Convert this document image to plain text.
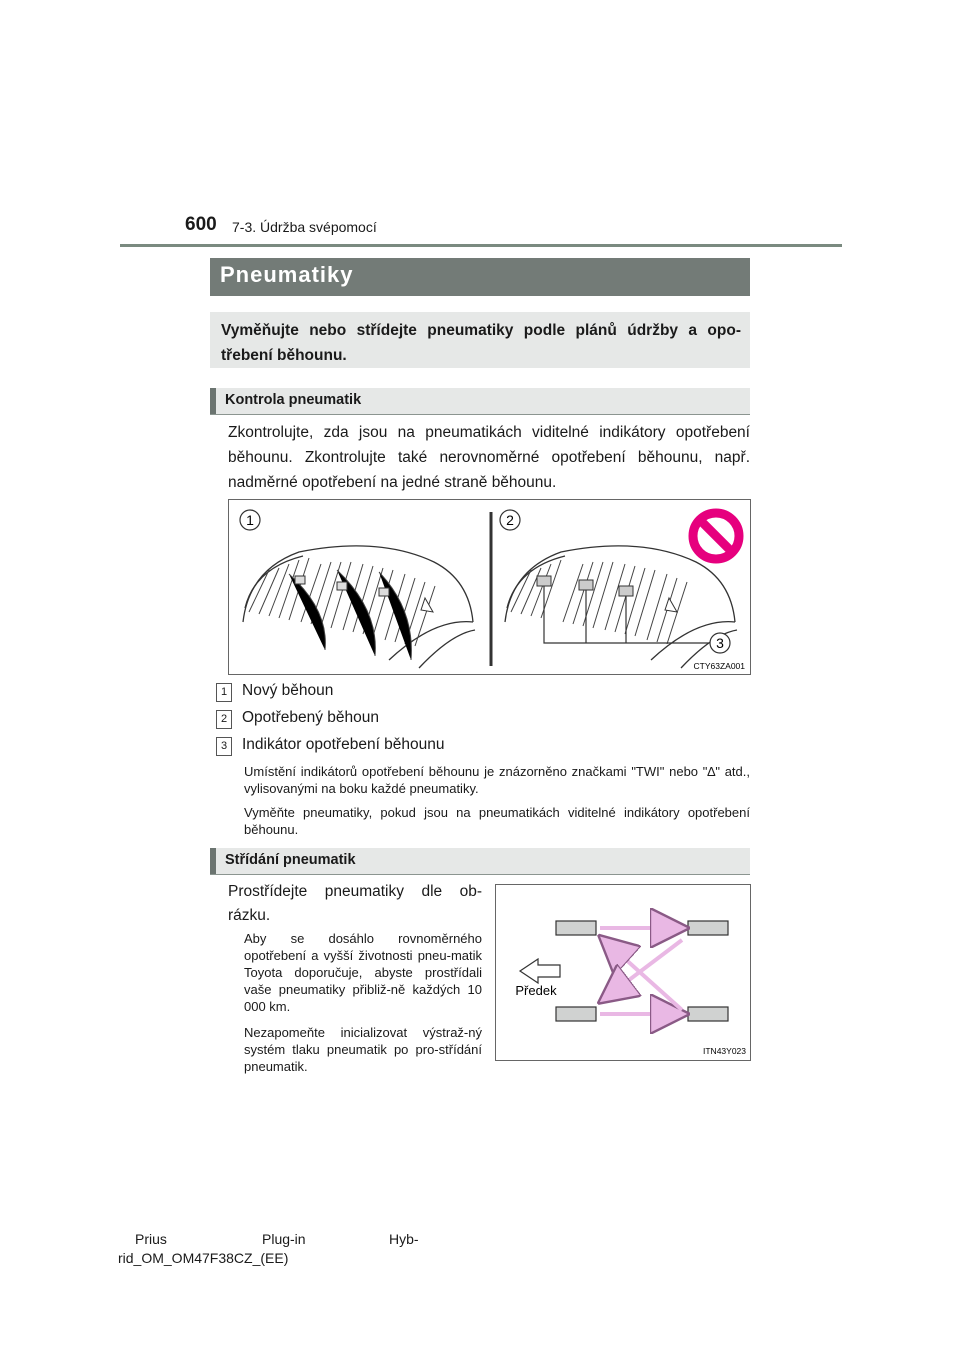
600 7-3. Údržba svépomocí
Pneumatiky
Vyměňujte nebo střídejte pneumatiky podle plánů údržby a opo-třebení běhounu.
Kontrola pneumatik
Zkontrolujte, zda jsou na pneumatikách viditelné indikátory opotřebení běhounu. Zkontrolujte také nerovnoměrné opotřebení běhounu, např. nadměrné opotřebení na jedné straně běhounu.
1	2
3
CTY63ZA001
1 Nový běhoun
2 Opotřebený běhoun
3 Indikátor opotřebení běhounu
Umístění indikátorů opotřebení běhounu je znázorněno značkami "TWI" nebo "∆" atd., vylisovanými na boku každé pneumatiky.
Vyměňte pneumatiky, pokud jsou na pneumatikách viditelné indikátory opotřebení běhounu.
Střídání pneumatik
Prostřídejte pneumatiky dle ob-rázku.
Aby se dosáhlo rovnoměrného opotřebení a vyšší životnosti pneu-matik Toyota doporučuje, abyste prostřídali vaše pneumatiky přibliž-ně každých 10 000 km.
Nezapomeňte inicializovat výstraž-ný systém tlaku pneumatik po pro-střídání pneumatik.
Předek
ITN43Y023
Prius	Plug-in	Hyb-
rid_OM_OM47F38CZ_(EE)
